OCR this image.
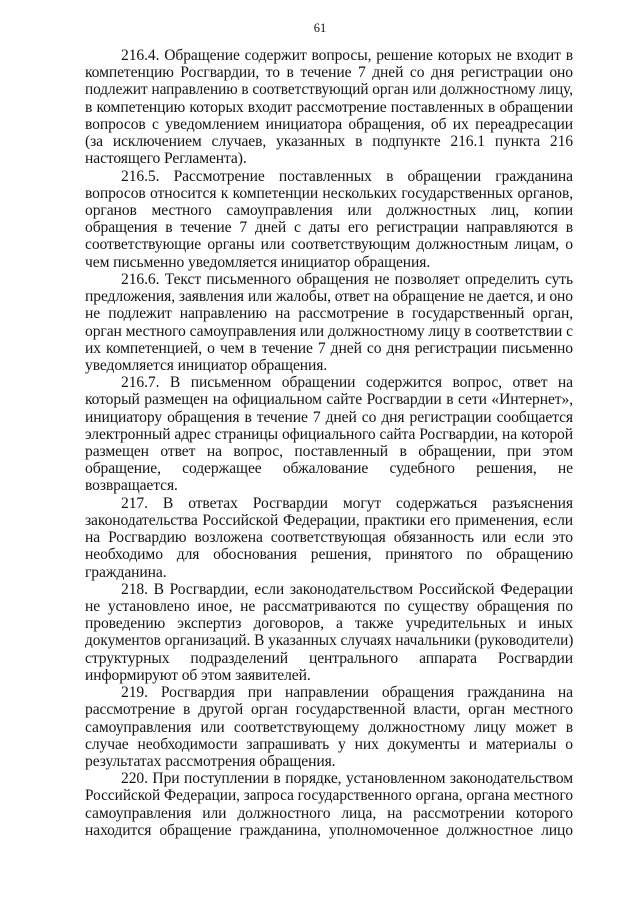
61
216.4. Обращение содержит вопросы, решение которых не входит в
компетенцию Росгвардии, то в течение 7 дней со дня регистрации оно
подлежит направлению в соответствующий орган или должностному лицу,
в компетенцию которых входит рассмотрение поставленных в обращении
вопросов с уведомлением инициатора обращения, об их переадресации
(за исключением случаев, указанных в подпункте 216.1 пункта 216
настоящего Регламента).
216.5. Рассмотрение поставленных в обращении гражданина
вопросов относится к компетенции нескольких государственных органов,
органов местного самоуправления или должностных лиц, копии
обращения в течение 7 дней с даты его регистрации направляются в
соответствующие органы или соответствующим должностным лицам, о
чем письменно уведомляется инициатор обращения.
216.6. Текст письменного обращения не позволяет определить суть
предложения, заявления или жалобы, ответ на обращение не дается, и оно
не подлежит направлению на рассмотрение в государственный орган,
орган местного самоуправления или должностному лицу в соответствии с
их компетенцией, о чем в течение 7 дней со дня регистрации письменно
уведомляется инициатор обращения.
216.7. В письменном обращении содержится вопрос, ответ на
который размещен на официальном сайте Росгвардии в сети «Интернет»,
инициатору обращения в течение 7 дней со дня регистрации сообщается
электронный адрес страницы официального сайта Росгвардии, на которой
размещен ответ на вопрос, поставленный в обращении, при этом
обращение, содержащее обжалование судебного решения, не
возвращается.
217. В ответах Росгвардии могут содержаться разъяснения
законодательства Российской Федерации, практики его применения, если
на Росгвардию возложена соответствующая обязанность или если это
необходимо для обоснования решения, принятого по обращению
гражданина.
218. В Росгвардии, если законодательством Российской Федерации
не установлено иное, не рассматриваются по существу обращения по
проведению экспертиз договоров, а также учредительных и иных
документов организаций. В указанных случаях начальники (руководители)
структурных подразделений центрального аппарата Росгвардии
информируют об этом заявителей.
219. Росгвардия при направлении обращения гражданина на
рассмотрение в другой орган государственной власти, орган местного
самоуправления или соответствующему должностному лицу может в
случае необходимости запрашивать у них документы и материалы о
результатах рассмотрения обращения.
220. При поступлении в порядке, установленном законодательством
Российской Федерации, запроса государственного органа, органа местного
самоуправления или должностного лица, на рассмотрении которого
находится обращение гражданина, уполномоченное должностное лицо
